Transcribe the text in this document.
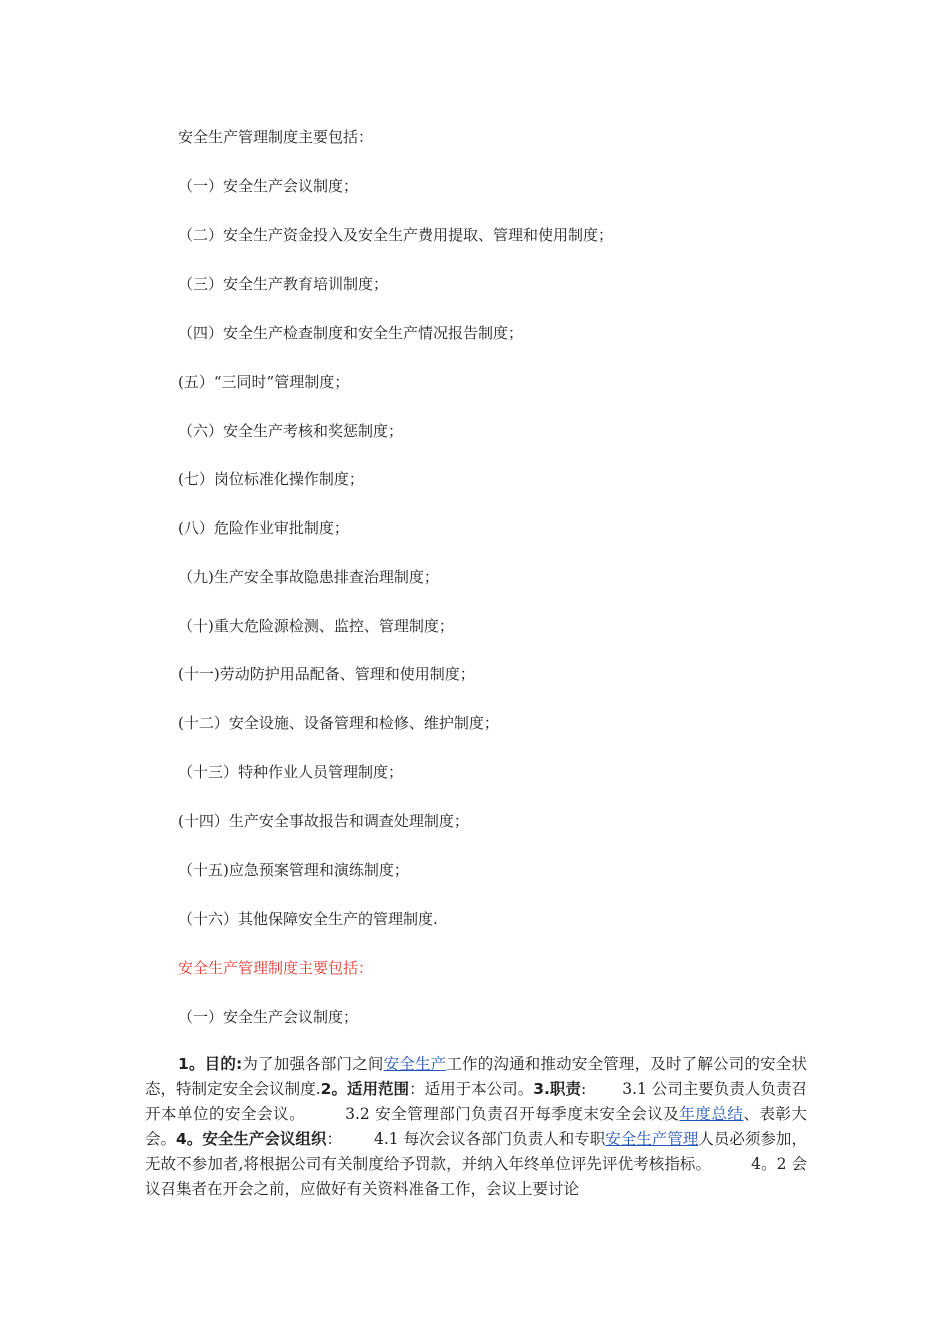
安全生产管理制度主要包括：
（一）安全生产会议制度；
（二）安全生产资金投入及安全生产费用提取、管理和使用制度；
（三）安全生产教育培训制度；
（四）安全生产检查制度和安全生产情况报告制度；
(五）“三同时”管理制度；
（六）安全生产考核和奖惩制度；
(七）岗位标准化操作制度；
(八）危险作业审批制度；
（九)生产安全事故隐患排查治理制度；
（十)重大危险源检测、监控、管理制度；
(十一)劳动防护用品配备、管理和使用制度；
(十二）安全设施、设备管理和检修、维护制度；
（十三）特种作业人员管理制度；
(十四）生产安全事故报告和调查处理制度；
（十五)应急预案管理和演练制度；
（十六）其他保障安全生产的管理制度.
安全生产管理制度主要包括：
（一）安全生产会议制度；
1。目的:为了加强各部门之间安全生产工作的沟通和推动安全管理，及时了解公司的安全状态，特制定安全会议制度.2。适用范围：适用于本公司。3.职责: 3.1 公司主要负责人负责召开本单位的安全会议。	3.2 安全管理部门负责召开每季度末安全会议及年度总结、表彰大会。4。安全生产会议组织： 4.1 每次会议各部门负责人和专职安全生产管理人员必须参加，无故不参加者,将根据公司有关制度给予罚款，并纳入年终单位评先评优考核指标。	4。2 会议召集者在开会之前，应做好有关资料准备工作，会议上要讨论
